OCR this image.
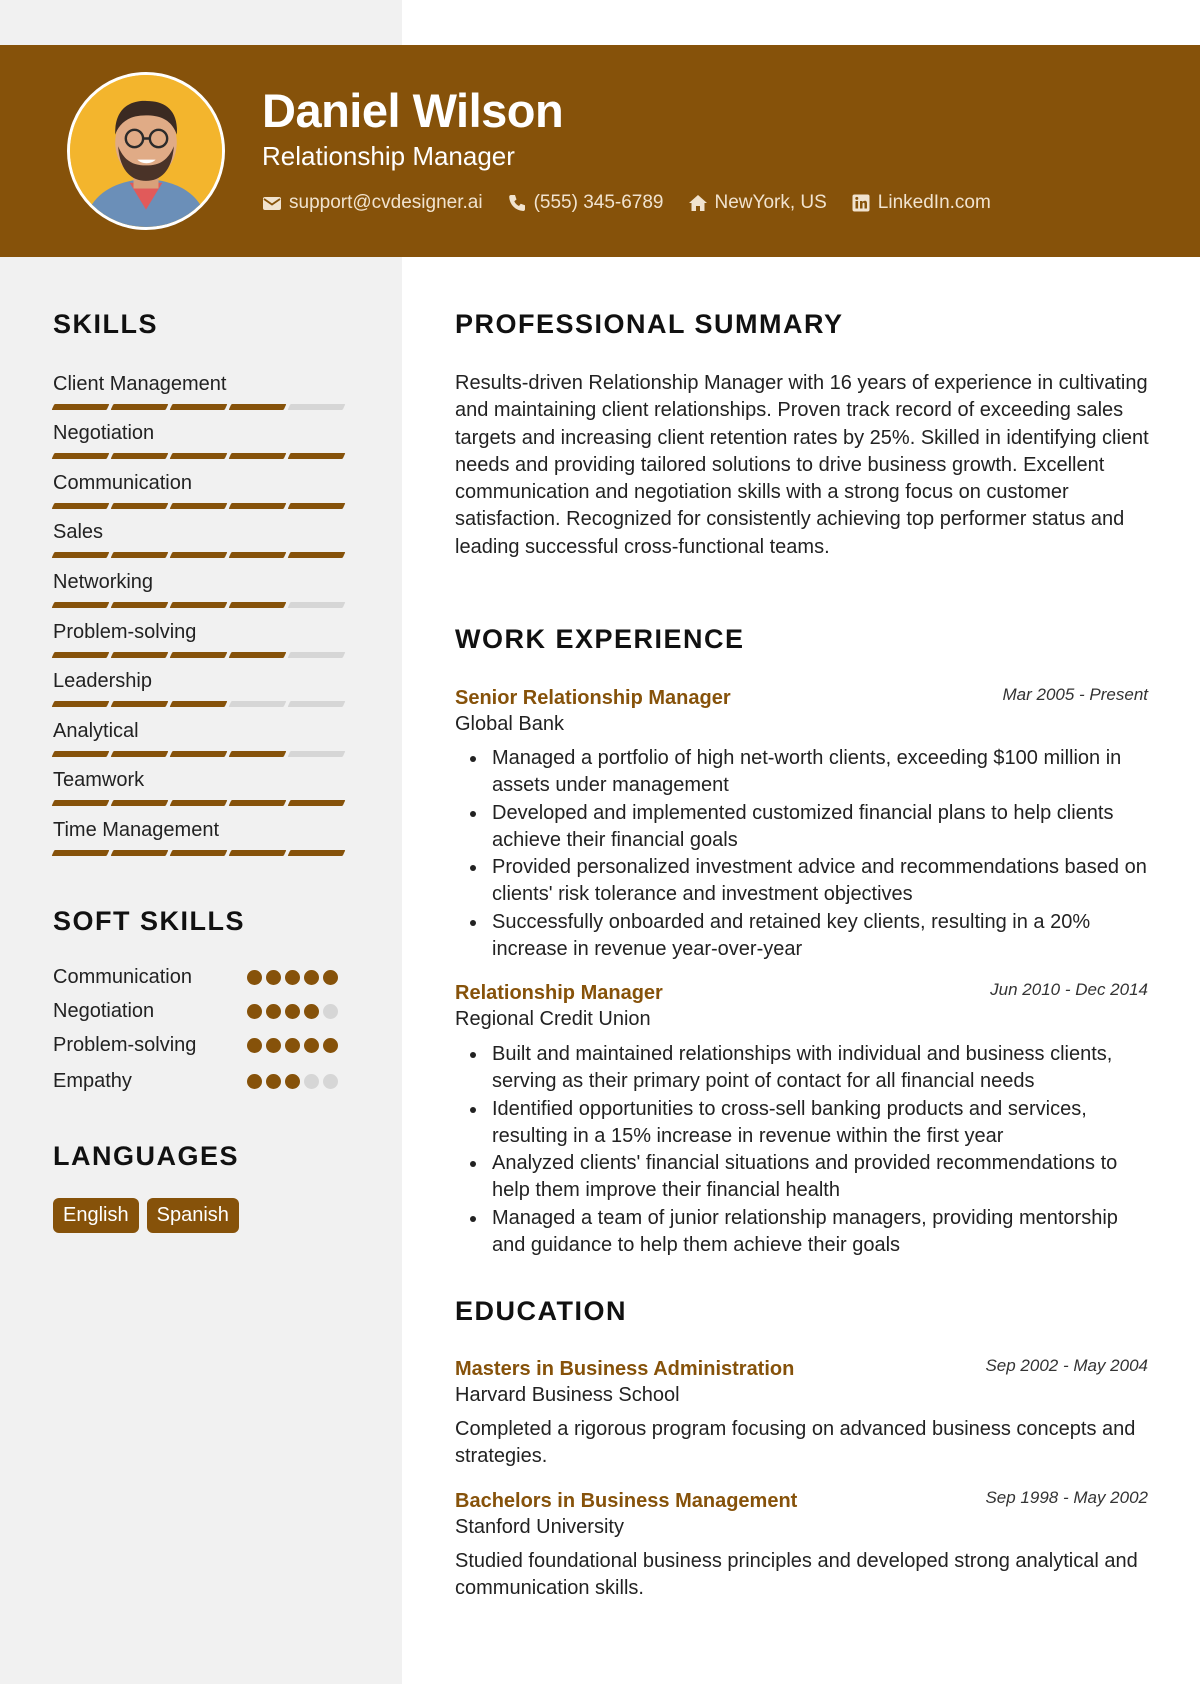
Daniel Wilson
Relationship Manager
support@cvdesigner.ai	(555) 345-6789	NewYork, US	LinkedIn.com
SKILLS
Client Management
Negotiation
Communication
Sales
Networking
Problem-solving
Leadership
Analytical
Teamwork
Time Management
SOFT SKILLS
Communication
Negotiation
Problem-solving
Empathy
LANGUAGES
English	Spanish
PROFESSIONAL SUMMARY
Results-driven Relationship Manager with 16 years of experience in cultivating and maintaining client relationships. Proven track record of exceeding sales targets and increasing client retention rates by 25%. Skilled in identifying client needs and providing tailored solutions to drive business growth. Excellent communication and negotiation skills with a strong focus on customer satisfaction. Recognized for consistently achieving top performer status and leading successful cross-functional teams.
WORK EXPERIENCE
Senior Relationship Manager	Mar 2005 - Present
Global Bank
Managed a portfolio of high net-worth clients, exceeding $100 million in assets under management
Developed and implemented customized financial plans to help clients achieve their financial goals
Provided personalized investment advice and recommendations based on clients' risk tolerance and investment objectives
Successfully onboarded and retained key clients, resulting in a 20% increase in revenue year-over-year
Relationship Manager	Jun 2010 - Dec 2014
Regional Credit Union
Built and maintained relationships with individual and business clients, serving as their primary point of contact for all financial needs
Identified opportunities to cross-sell banking products and services, resulting in a 15% increase in revenue within the first year
Analyzed clients' financial situations and provided recommendations to help them improve their financial health
Managed a team of junior relationship managers, providing mentorship and guidance to help them achieve their goals
EDUCATION
Masters in Business Administration	Sep 2002 - May 2004
Harvard Business School
Completed a rigorous program focusing on advanced business concepts and strategies.
Bachelors in Business Management	Sep 1998 - May 2002
Stanford University
Studied foundational business principles and developed strong analytical and communication skills.
